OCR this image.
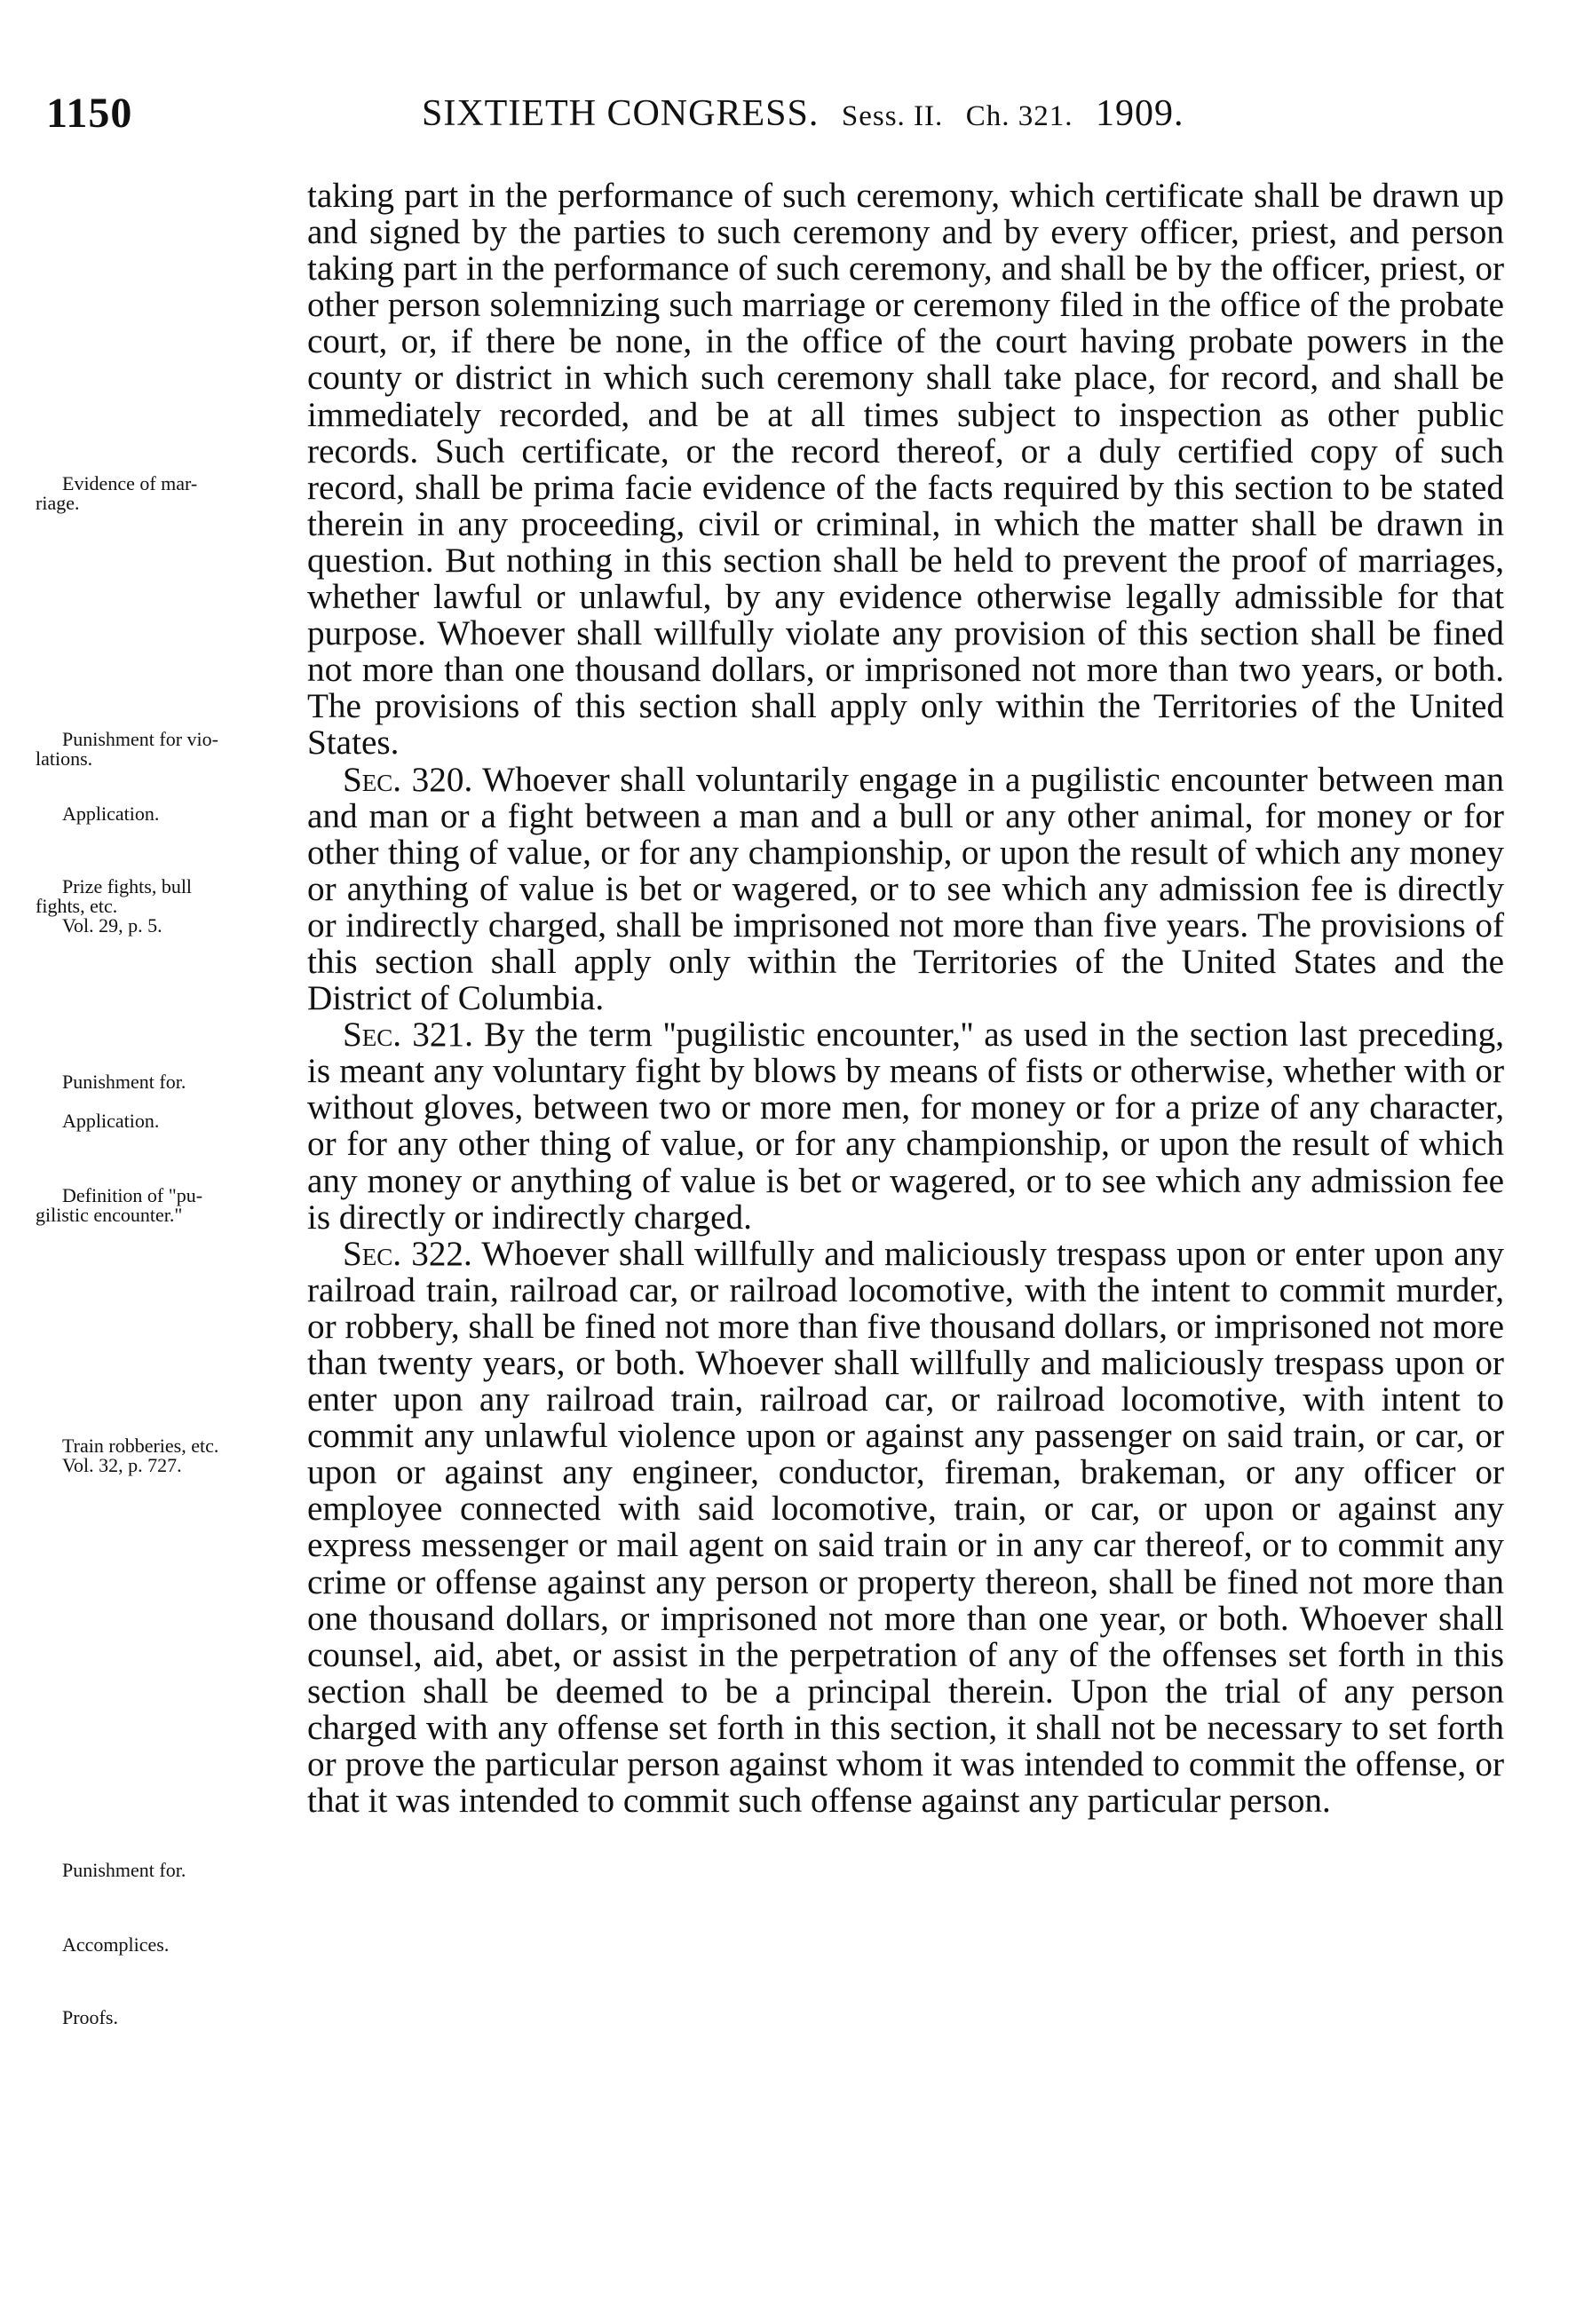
1150	SIXTIETH CONGRESS. Sess. II. Ch. 321. 1909.
Evidence of mar-
riage.
Punishment for vio-
lations.
Application.
Prize fights, bull
fights, etc.
Vol. 29, p. 5.
Punishment for.
Application.
Definition of "pu-
gilistic encounter."
Train robberies, etc.
Vol. 32, p. 727.
Punishment for.
Accomplices.
Proofs.

taking part in the performance of such ceremony, which certificate shall be drawn up and signed by the parties to such ceremony and by every officer, priest, and person taking part in the performance of such ceremony, and shall be by the officer, priest, or other person solemnizing such marriage or ceremony filed in the office of the probate court, or, if there be none, in the office of the court having probate powers in the county or district in which such ceremony shall take place, for record, and shall be immediately recorded, and be at all times subject to inspection as other public records. Such certificate, or the record thereof, or a duly certified copy of such record, shall be prima facie evidence of the facts required by this section to be stated therein in any proceeding, civil or criminal, in which the matter shall be drawn in question. But nothing in this section shall be held to prevent the proof of marriages, whether lawful or unlawful, by any evidence otherwise legally admissible for that purpose. Whoever shall willfully violate any provision of this section shall be fined not more than one thousand dollars, or imprisoned not more than two years, or both. The provisions of this section shall apply only within the Territories of the United States.

Sec. 320. Whoever shall voluntarily engage in a pugilistic encounter between man and man or a fight between a man and a bull or any other animal, for money or for other thing of value, or for any championship, or upon the result of which any money or anything of value is bet or wagered, or to see which any admission fee is directly or indirectly charged, shall be imprisoned not more than five years. The provisions of this section shall apply only within the Territories of the United States and the District of Columbia.

Sec. 321. By the term ''pugilistic encounter,'' as used in the section last preceding, is meant any voluntary fight by blows by means of fists or otherwise, whether with or without gloves, between two or more men, for money or for a prize of any character, or for any other thing of value, or for any championship, or upon the result of which any money or anything of value is bet or wagered, or to see which any admission fee is directly or indirectly charged.

Sec. 322. Whoever shall willfully and maliciously trespass upon or enter upon any railroad train, railroad car, or railroad locomotive, with the intent to commit murder, or robbery, shall be fined not more than five thousand dollars, or imprisoned not more than twenty years, or both. Whoever shall willfully and maliciously trespass upon or enter upon any railroad train, railroad car, or railroad locomotive, with intent to commit any unlawful violence upon or against any passenger on said train, or car, or upon or against any engineer, conductor, fireman, brakeman, or any officer or employee connected with said locomotive, train, or car, or upon or against any express messenger or mail agent on said train or in any car thereof, or to commit any crime or offense against any person or property thereon, shall be fined not more than one thousand dollars, or imprisoned not more than one year, or both. Whoever shall counsel, aid, abet, or assist in the perpetration of any of the offenses set forth in this section shall be deemed to be a principal therein. Upon the trial of any person charged with any offense set forth in this section, it shall not be necessary to set forth or prove the particular person against whom it was intended to commit the offense, or that it was intended to commit such offense against any particular person.
